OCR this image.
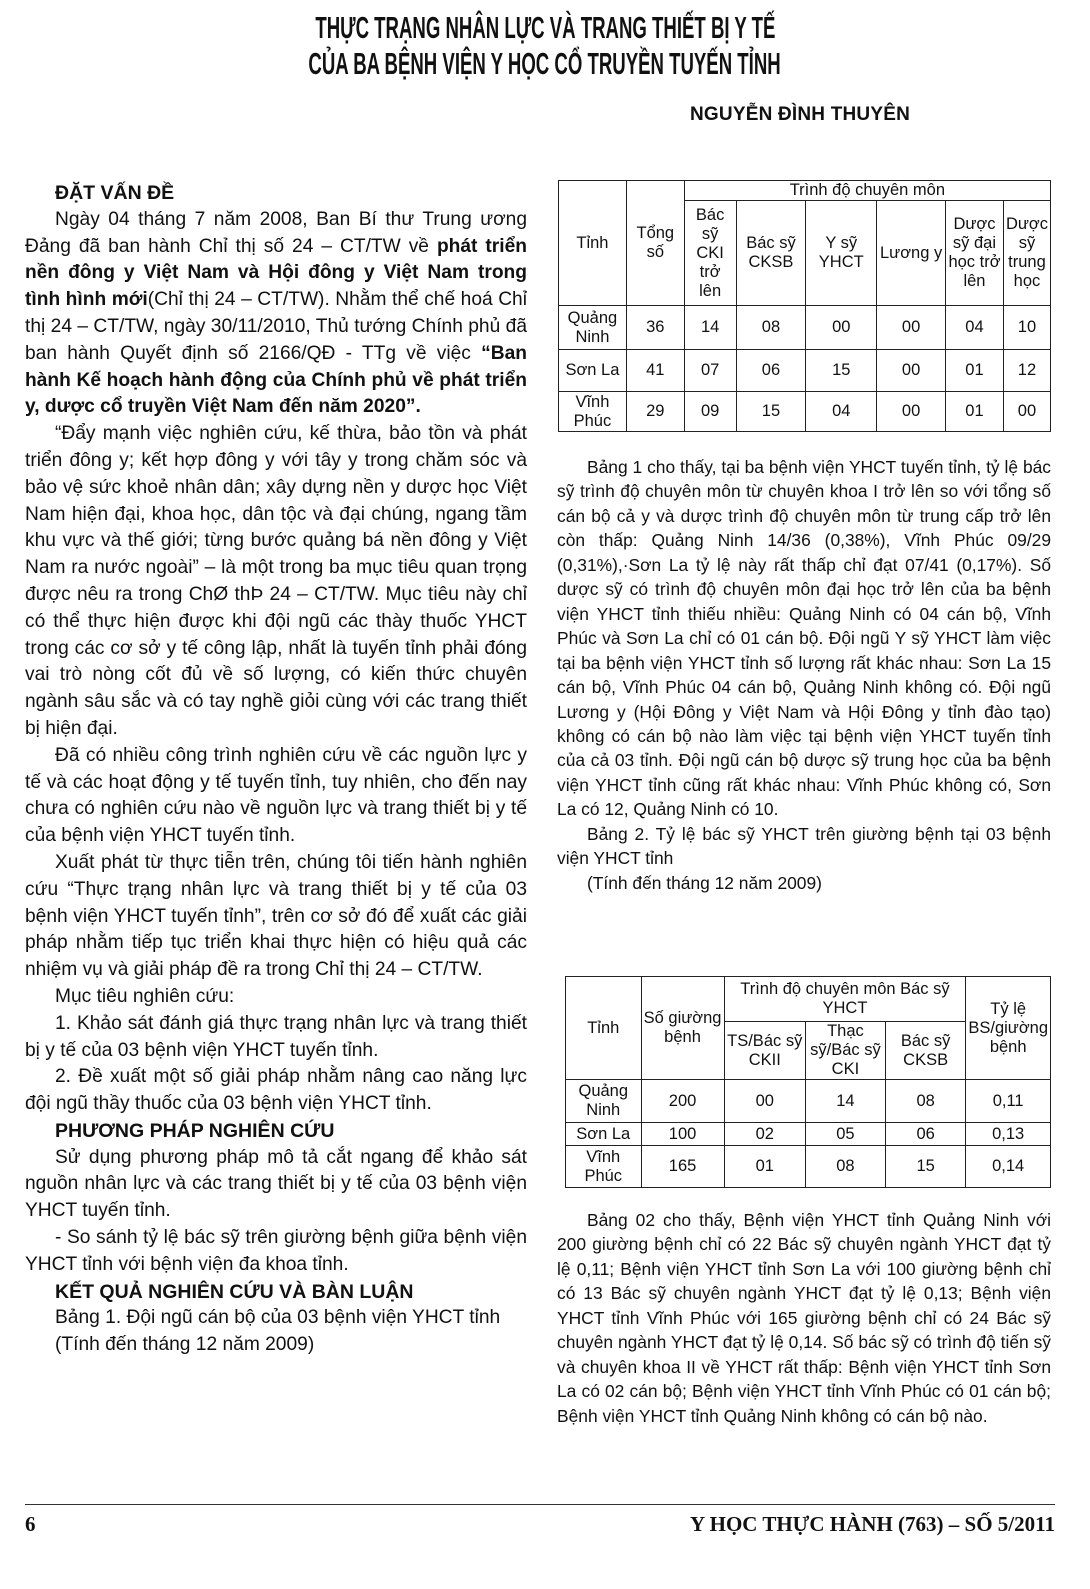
THỰC TRẠNG NHÂN LỰC VÀ TRANG THIẾT BỊ Y TẾ
CỦA BA BỆNH VIỆN Y HỌC CỔ TRUYỀN TUYẾN TỈNH
NGUYỄN ĐÌNH THUYÊN
ĐẶT VẤN ĐỀ

Ngày 04 tháng 7 năm 2008, Ban Bí thư Trung ương Đảng đã ban hành Chỉ thị số 24 – CT/TW về phát triển nền đông y Việt Nam và Hội đông y Việt Nam trong tình hình mới(Chỉ thị 24 – CT/TW). Nhằm thể chế hoá Chỉ thị 24 – CT/TW, ngày 30/11/2010, Thủ tướng Chính phủ đã ban hành Quyết định số 2166/QĐ - TTg về việc “Ban hành Kế hoạch hành động của Chính phủ về phát triển y, dược cổ truyền Việt Nam đến năm 2020”.

“Đẩy mạnh việc nghiên cứu, kế thừa, bảo tồn và phát triển đông y; kết hợp đông y với tây y trong chăm sóc và bảo vệ sức khoẻ nhân dân; xây dựng nền y dược học Việt Nam hiện đại, khoa học, dân tộc và đại chúng, ngang tầm khu vực và thế giới; từng bước quảng bá nền đông y Việt Nam ra nước ngoài” – là một trong ba mục tiêu quan trọng được nêu ra trong ChØ thÞ 24 – CT/TW. Mục tiêu này chỉ có thể thực hiện được khi đội ngũ các thày thuốc YHCT trong các cơ sở y tế công lập, nhất là tuyến tỉnh phải đóng vai trò nòng cốt đủ về số lượng, có kiến thức chuyên ngành sâu sắc và có tay nghề giỏi cùng với các trang thiết bị hiện đại.

Đã có nhiều công trình nghiên cứu về các nguồn lực y tế và các hoạt động y tế tuyến tỉnh, tuy nhiên, cho đến nay chưa có nghiên cứu nào về nguồn lực và trang thiết bị y tế của bệnh viện YHCT tuyến tỉnh.

Xuất phát từ thực tiễn trên, chúng tôi tiến hành nghiên cứu “Thực trạng nhân lực và trang thiết bị y tế của 03 bệnh viện YHCT tuyến tỉnh”, trên cơ sở đó để xuất các giải pháp nhằm tiếp tục triển khai thực hiện có hiệu quả các nhiệm vụ và giải pháp đề ra trong Chỉ thị 24 – CT/TW.

Mục tiêu nghiên cứu:

1. Khảo sát đánh giá thực trạng nhân lực và trang thiết bị y tế của 03 bệnh viện YHCT tuyến tỉnh.

2. Đề xuất một số giải pháp nhằm nâng cao năng lực đội ngũ thầy thuốc của 03 bệnh viện YHCT tỉnh.

PHƯƠNG PHÁP NGHIÊN CỨU

Sử dụng phương pháp mô tả cắt ngang để khảo sát nguồn nhân lực và các trang thiết bị y tế của 03 bệnh viện YHCT tuyến tỉnh.

- So sánh tỷ lệ bác sỹ trên giường bệnh giữa bệnh viện YHCT tỉnh với bệnh viện đa khoa tỉnh.

KẾT QUẢ NGHIÊN CỨU VÀ BÀN LUẬN

Bảng 1. Đội ngũ cán bộ của 03 bệnh viện YHCT tỉnh

(Tính đến tháng 12 năm 2009)

Tỉnh	Tổng số	Trình độ chuyên môn					
		Bác sỹ CKI trở lên	Bác sỹ CKSB	Y sỹ YHCT	Lương y	Dược sỹ đại học trở lên	Dược sỹ trung học
Quảng Ninh	36	14	08	00	00	04	10
Sơn La	41	07	06	15	00	01	12
Vĩnh Phúc	29	09	15	04	00	01	00

Bảng 1 cho thấy, tại ba bệnh viện YHCT tuyến tỉnh, tỷ lệ bác sỹ trình độ chuyên môn từ chuyên khoa I trở lên so với tổng số cán bộ cả y và dược trình độ chuyên môn từ trung cấp trở lên còn thấp: Quảng Ninh 14/36 (0,38%), Vĩnh Phúc 09/29 (0,31%),·Sơn La tỷ lệ này rất thấp chỉ đạt 07/41 (0,17%). Số dược sỹ có trình độ chuyên môn đại học trở lên của ba bệnh viện YHCT tỉnh thiếu nhiều: Quảng Ninh có 04 cán bộ, Vĩnh Phúc và Sơn La chỉ có 01 cán bộ. Đội ngũ Y sỹ YHCT làm việc tại ba bệnh viện YHCT tỉnh số lượng rất khác nhau: Sơn La 15 cán bộ, Vĩnh Phúc 04 cán bộ, Quảng Ninh không có. Đội ngũ Lương y (Hội Đông y Việt Nam và Hội Đông y tỉnh đào tạo) không có cán bộ nào làm việc tại bệnh viện YHCT tuyến tỉnh của cả 03 tỉnh. Đội ngũ cán bộ dược sỹ trung học của ba bệnh viện YHCT tỉnh cũng rất khác nhau: Vĩnh Phúc không có, Sơn La có 12, Quảng Ninh có 10.

Bảng 2. Tỷ lệ bác sỹ YHCT trên giường bệnh tại 03 bệnh viện YHCT tỉnh

(Tính đến tháng 12 năm 2009)

Tỉnh	Số giường bệnh	Trình độ chuyên môn Bác sỹ YHCT			Tỷ lệ BS/giường bệnh
		TS/Bác sỹ CKII	Thạc sỹ/Bác sỹ CKI	Bác sỹ CKSB	
Quảng Ninh	200	00	14	08	0,11
Sơn La	100	02	05	06	0,13
Vĩnh Phúc	165	01	08	15	0,14

Bảng 02 cho thấy, Bệnh viện YHCT tỉnh Quảng Ninh với 200 giường bệnh chỉ có 22 Bác sỹ chuyên ngành YHCT đạt tỷ lệ 0,11; Bệnh viện YHCT tỉnh Sơn La với 100 giường bệnh chỉ có 13 Bác sỹ chuyên ngành YHCT đạt tỷ lệ 0,13; Bệnh viện YHCT tỉnh Vĩnh Phúc với 165 giường bệnh chỉ có 24 Bác sỹ chuyên ngành YHCT đạt tỷ lệ 0,14. Số bác sỹ có trình độ tiến sỹ và chuyên khoa II về YHCT rất thấp: Bệnh viện YHCT tỉnh Sơn La có 02 cán bộ; Bệnh viện YHCT tỉnh Vĩnh Phúc có 01 cán bộ; Bệnh viện YHCT tỉnh Quảng Ninh không có cán bộ nào.

6	Y HỌC THỰC HÀNH (763) – SỐ 5/2011
